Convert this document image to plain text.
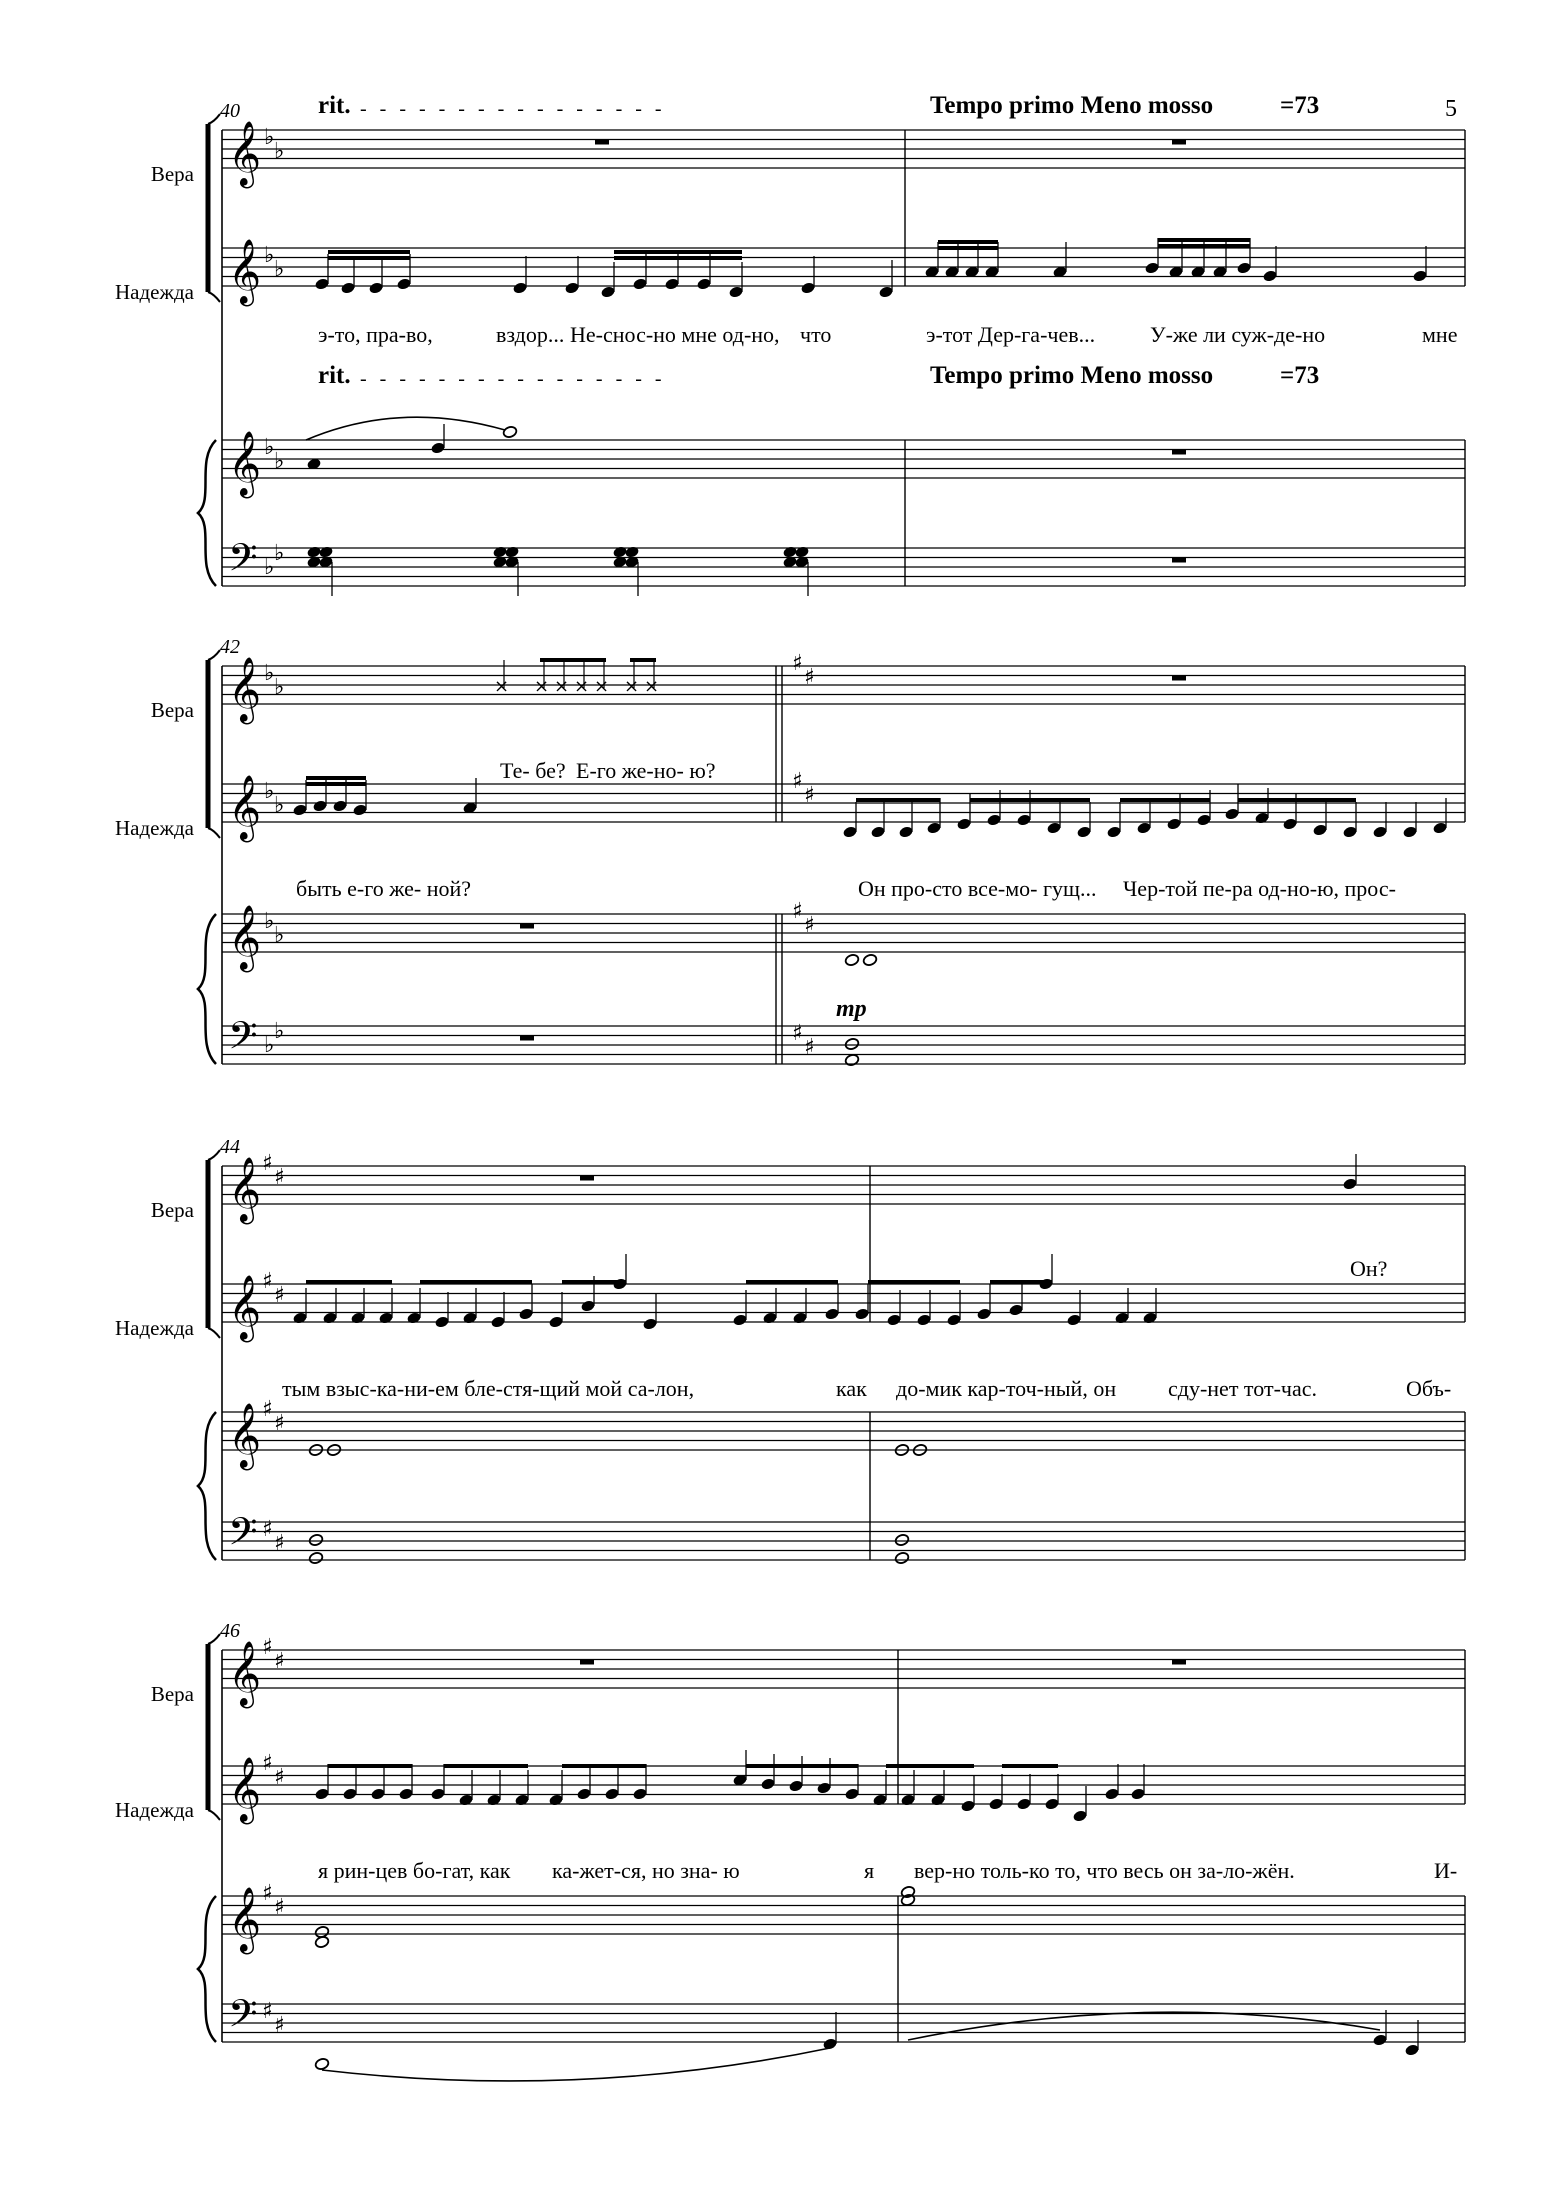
𝄞 ♭
♭
𝄞 ♭
♭
𝄞 ♭
♭
𝄢 ♭
♭
𝄞 ♭
♭
♯
♯
𝄞 ♭
♭
♯
♯
𝄞 ♭
♭
♯
♯
𝄢 ♭
♭	♯
♯
𝄞 ♯
♯
𝄞 ♯
♯
𝄞 ♯
♯
𝄢 ♯
♯
𝄞 ♯
♯
𝄞 ♯
♯
𝄞 ♯
♯
𝄢 ♯
♯
× × × × × × ×
5
40	rit. - - - - - - - - - - - - - - - -	Tempo primo Meno mosso	=73
Вера
Надежда
э-то, пра-во,	вздор... Не-снос-но мне од-но, что	э-тот Дер-га-чев... У-же ли суж-де-но	мне
rit. - - - - - - - - - - - - - - - -	Tempo primo Meno mosso	=73
42
Вера
Те- бе? Е-го же-но- ю?
Надежда
быть е-го же- ной?	Он про-сто все-мо- гущ... Чер-той пе-ра од-но-ю, прос-
mp
44
Вера
Он?
Надежда
тым взыс-ка-ни-ем бле-стя-щий мой са-лон,	как до-мик кар-точ-ный, он сду-нет тот-час.	Объ-
46
Вера
Надежда
я рин-цев бо-гат, как ка-жет-ся, но зна- ю	я вер-но толь-ко то, что весь он за-ло-жён.	И-
